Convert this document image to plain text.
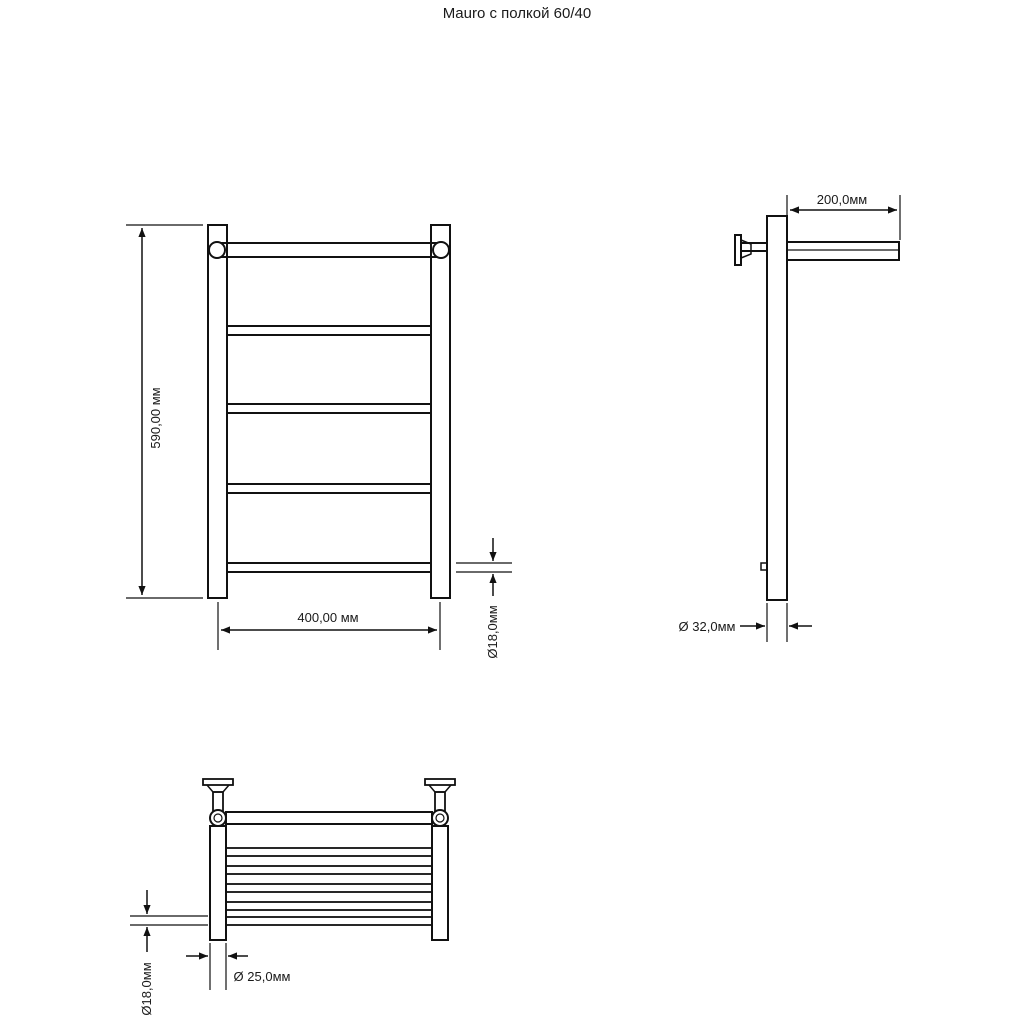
Mauro с полкой 60/40
590,00 мм
400,00 мм	Ø18,0мм
200,0мм
Ø 32,0мм
Ø18,0мм	Ø 25,0мм
